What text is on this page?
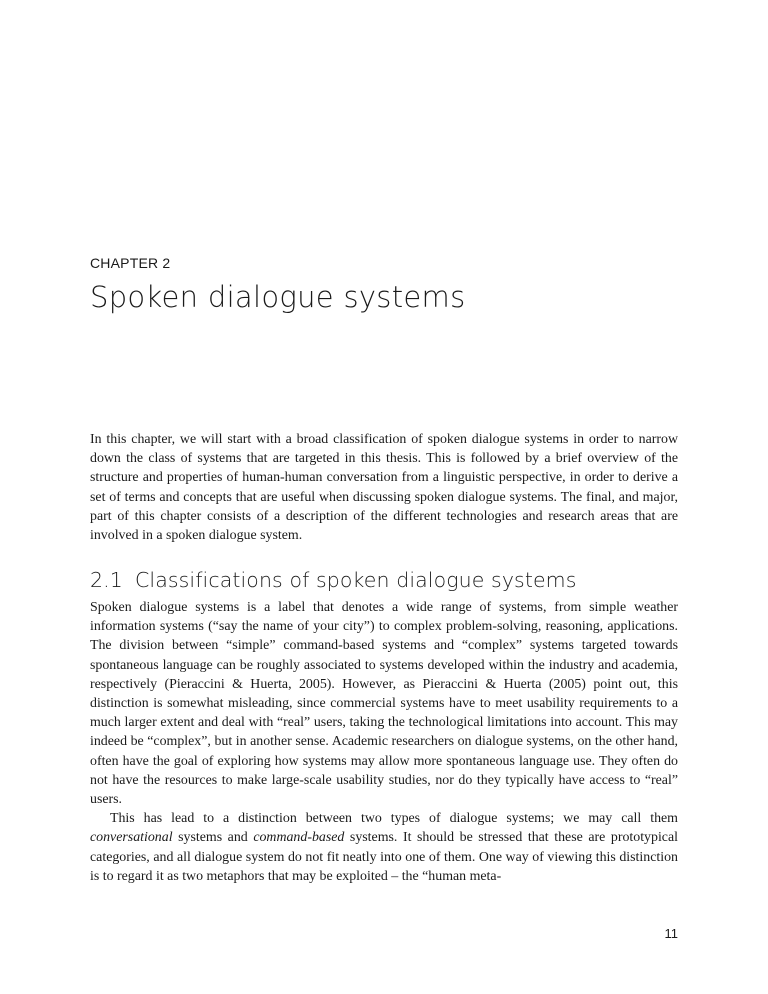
CHAPTER 2
Spoken dialogue systems

In this chapter, we will start with a broad classification of spoken dialogue systems in order to narrow down the class of systems that are targeted in this thesis. This is followed by a brief overview of the structure and properties of human-human conversation from a linguistic perspective, in order to derive a set of terms and concepts that are useful when discussing spoken dialogue systems. The final, and major, part of this chapter consists of a description of the different technologies and research areas that are involved in a spoken dialogue system.

2.1 Classifications of spoken dialogue systems

Spoken dialogue systems is a label that denotes a wide range of systems, from simple weather information systems (“say the name of your city”) to complex problem-solving, reasoning, applications. The division between “simple” command-based systems and “complex” systems targeted towards spontaneous language can be roughly associated to systems developed within the industry and academia, respectively (Pieraccini & Huerta, 2005). However, as Pieraccini & Huerta (2005) point out, this distinction is somewhat misleading, since commercial systems have to meet usability requirements to a much larger extent and deal with “real” users, taking the technological limitations into account. This may indeed be “complex”, but in another sense. Academic researchers on dialogue systems, on the other hand, often have the goal of exploring how systems may allow more spontaneous language use. They often do not have the resources to make large-scale usability studies, nor do they typically have access to “real” users.

This has lead to a distinction between two types of dialogue systems; we may call them conversational systems and command-based systems. It should be stressed that these are prototypical categories, and all dialogue system do not fit neatly into one of them. One way of viewing this distinction is to regard it as two metaphors that may be exploited – the “human meta-

11
